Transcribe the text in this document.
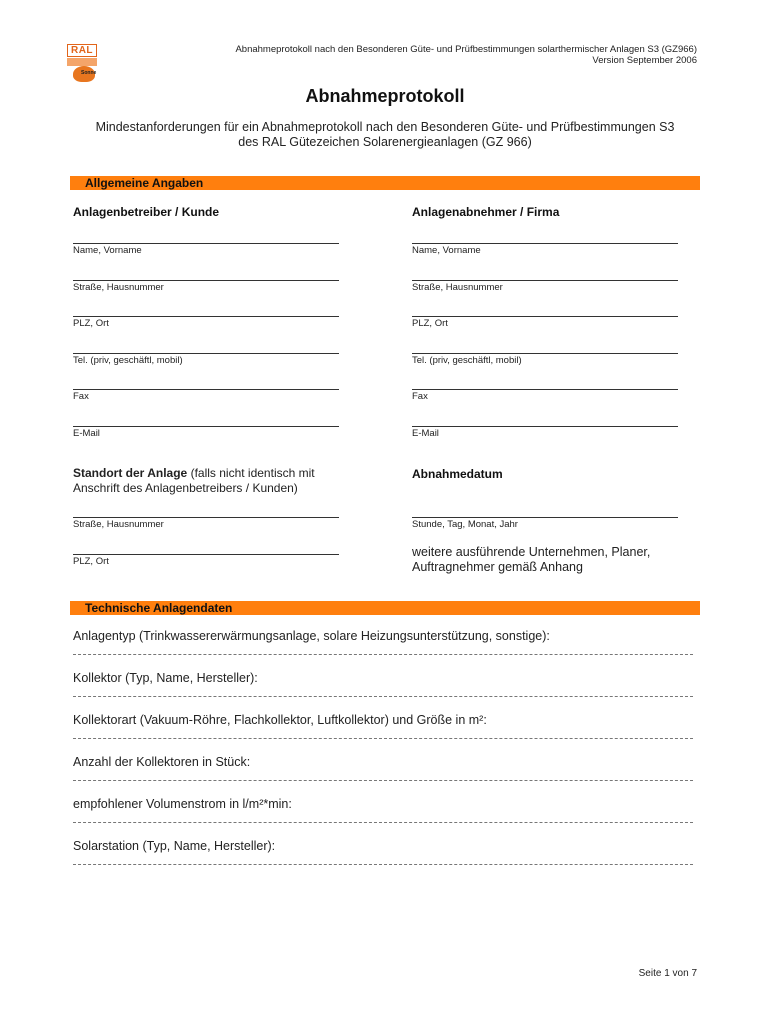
RAL
Sonne
Abnahmeprotokoll nach den Besonderen Güte- und Prüfbestimmungen solarthermischer Anlagen S3 (GZ966)
Version September 2006
Abnahmeprotokoll
Mindestanforderungen für ein Abnahmeprotokoll nach den Besonderen Güte- und Prüfbestimmungen S3
des RAL Gütezeichen Solarenergieanlagen (GZ 966)
Allgemeine Angaben
Anlagenbetreiber / Kunde	Anlagenabnehmer / Firma
Name, Vorname
Straße, Hausnummer
PLZ, Ort
Tel. (priv, geschäftl, mobil)
Fax
E-Mail
Name, Vorname
Straße, Hausnummer
PLZ, Ort
Tel. (priv, geschäftl, mobil)
Fax
E-Mail
Standort der Anlage (falls nicht identisch mit
Anschrift des Anlagenbetreibers / Kunden)
Abnahmedatum
Straße, Hausnummer
PLZ, Ort
Stunde, Tag, Monat, Jahr
weitere ausführende Unternehmen, Planer,
Auftragnehmer gemäß Anhang
Technische Anlagendaten
Anlagentyp (Trinkwassererwärmungsanlage, solare Heizungsunterstützung, sonstige):
Kollektor (Typ, Name, Hersteller):
Kollektorart (Vakuum-Röhre, Flachkollektor, Luftkollektor) und Größe in m²:
Anzahl der Kollektoren in Stück:
empfohlener Volumenstrom in l/m²*min:
Solarstation (Typ, Name, Hersteller):
Seite 1 von 7
